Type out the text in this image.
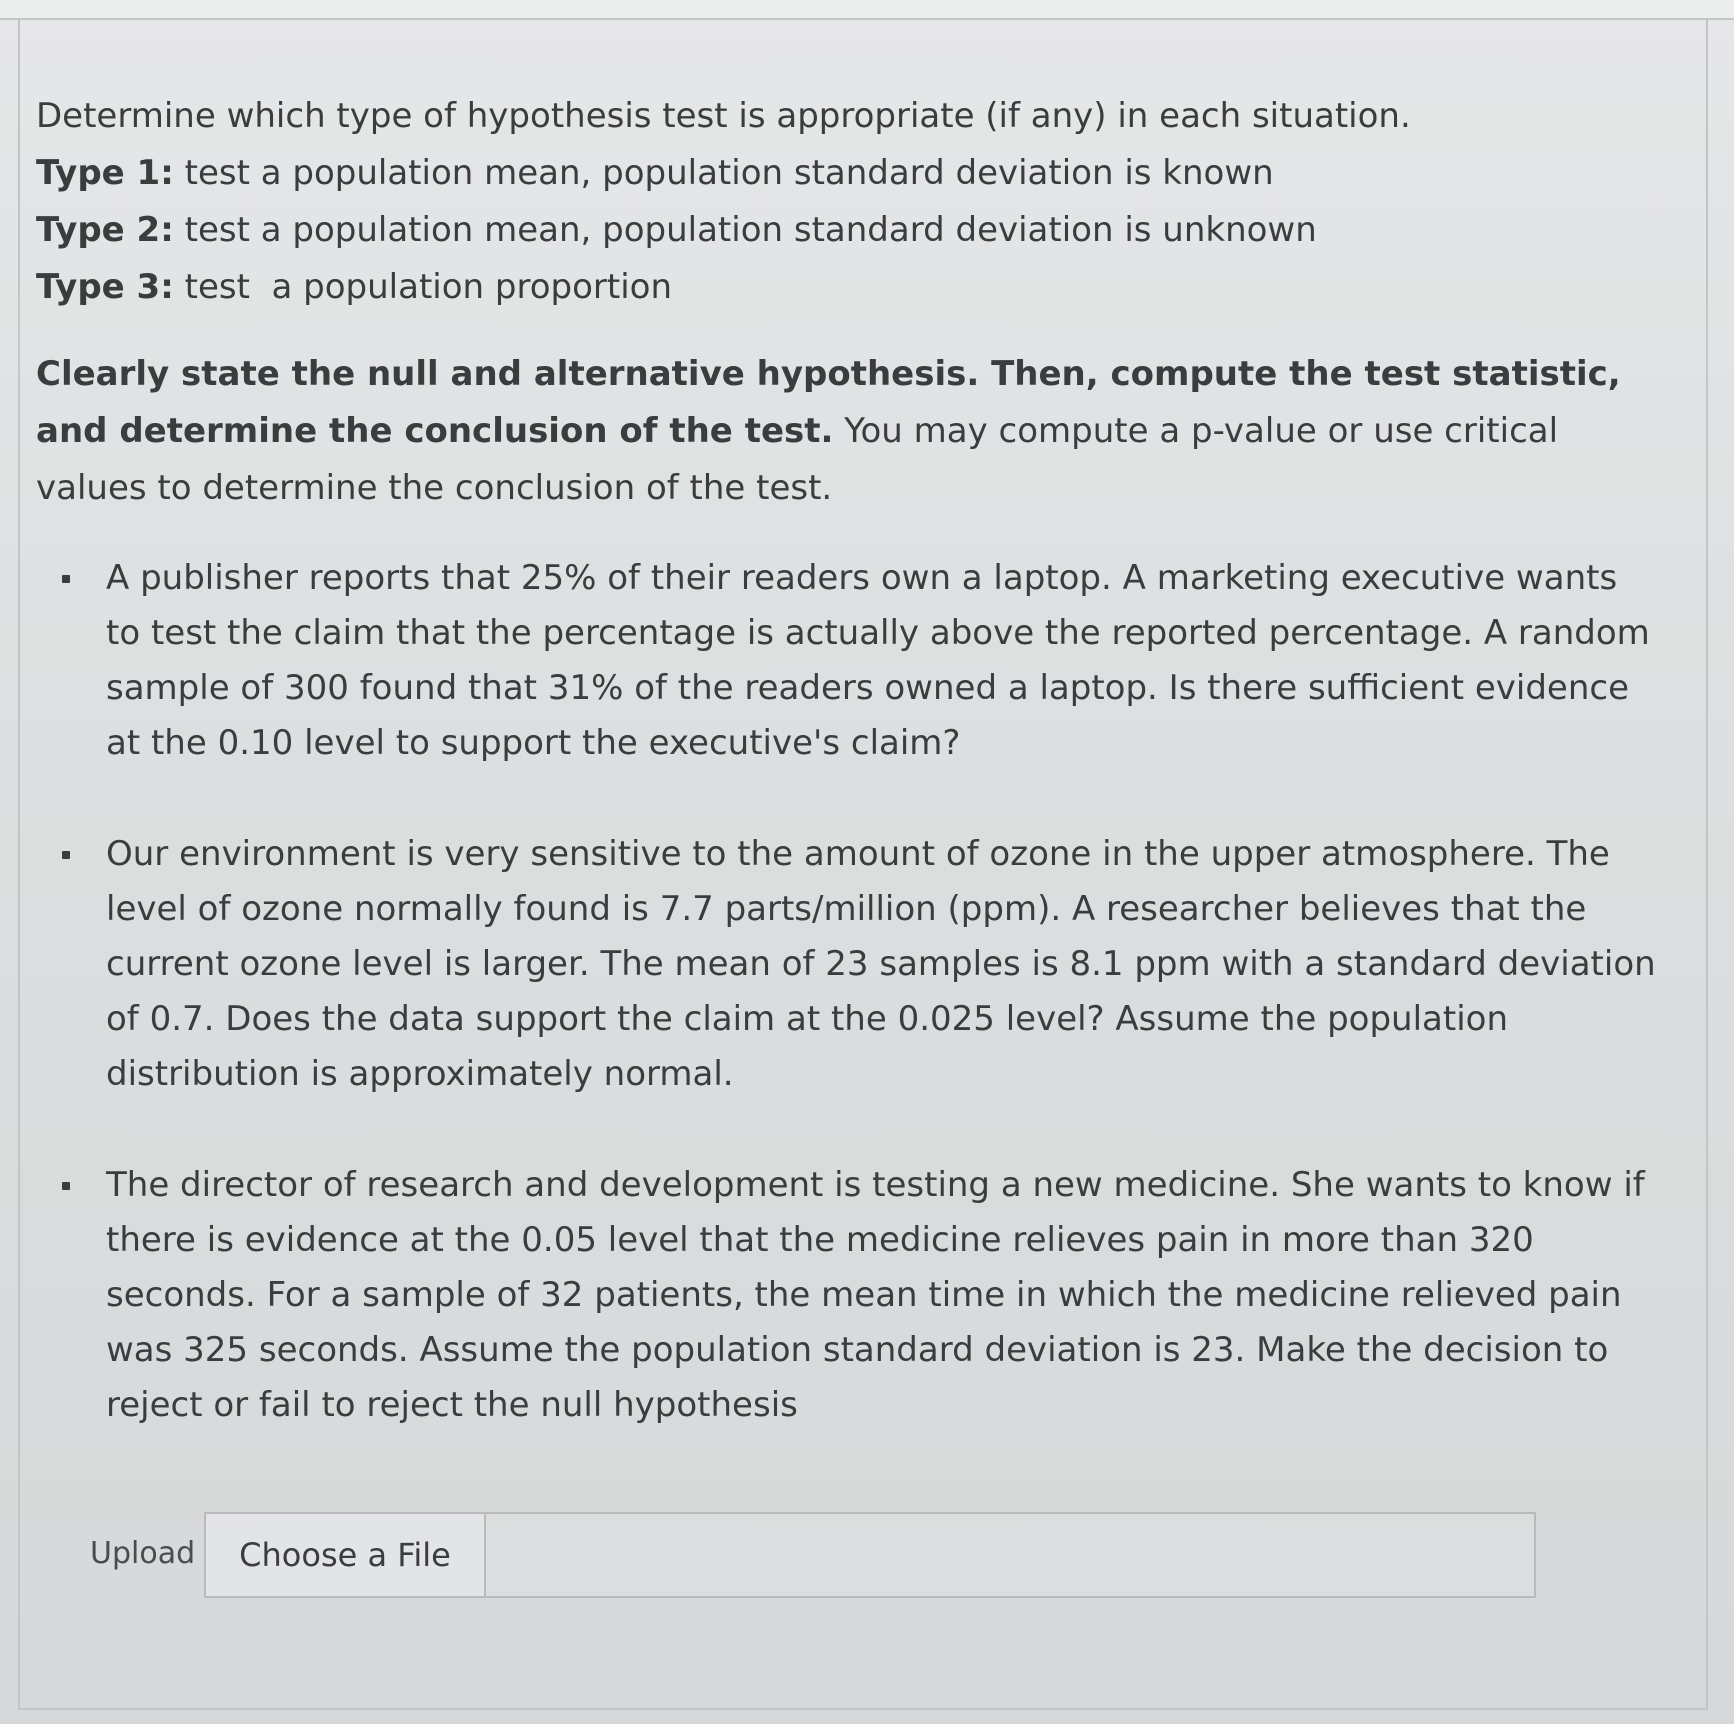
Determine which type of hypothesis test is appropriate (if any) in each situation.

Type 1: test a population mean, population standard deviation is known

Type 2: test a population mean, population standard deviation is unknown

Type 3: test  a population proportion

Clearly state the null and alternative hypothesis. Then, compute the test statistic, and determine the conclusion of the test. You may compute a p-value or use critical values to determine the conclusion of the test.
A publisher reports that 25% of their readers own a laptop. A marketing executive wants to test the claim that the percentage is actually above the reported percentage. A random sample of 300 found that 31% of the readers owned a laptop. Is there sufficient evidence at the 0.10 level to support the executive's claim?
Our environment is very sensitive to the amount of ozone in the upper atmosphere. The level of ozone normally found is 7.7 parts/million (ppm). A researcher believes that the current ozone level is larger. The mean of 23 samples is 8.1 ppm with a standard deviation of 0.7. Does the data support the claim at the 0.025 level? Assume the population distribution is approximately normal.
The director of research and development is testing a new medicine. She wants to know if there is evidence at the 0.05 level that the medicine relieves pain in more than 320 seconds. For a sample of 32 patients, the mean time in which the medicine relieved pain was 325 seconds. Assume the population standard deviation is 23. Make the decision to reject or fail to reject the null hypothesis
Upload	Choose a File
